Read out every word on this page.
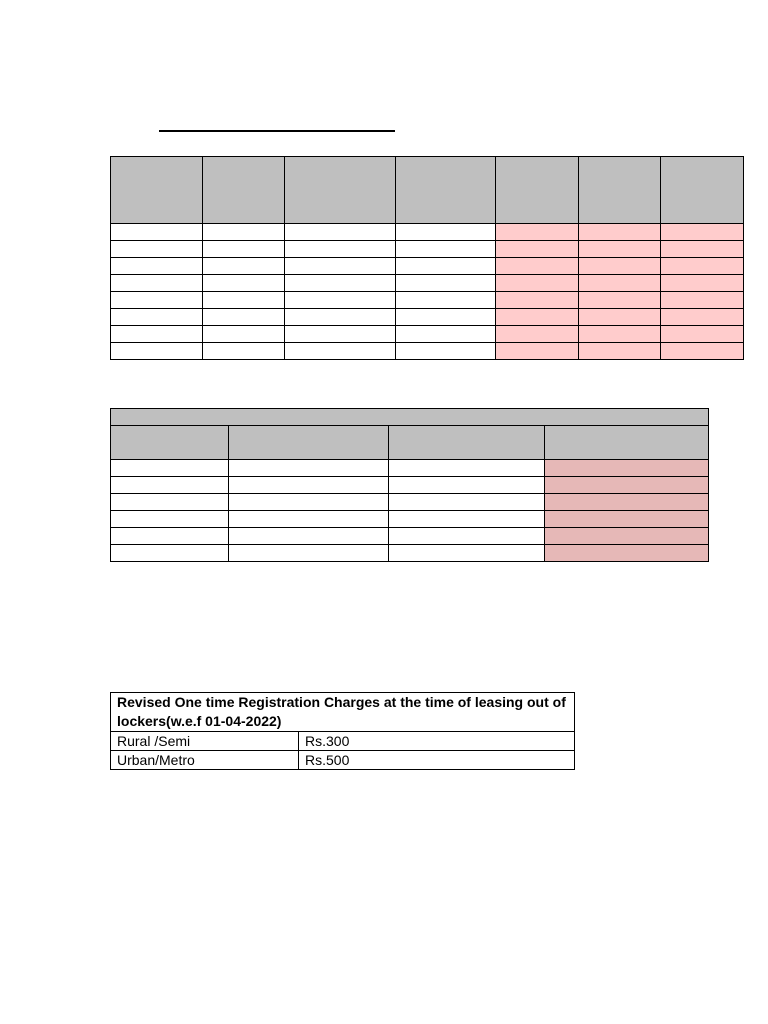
Revised One time Registration Charges at the time of leasing out of lockers(w.e.f 01-04-2022)	
Rural /Semi	Rs.300
Urban/Metro	Rs.500
